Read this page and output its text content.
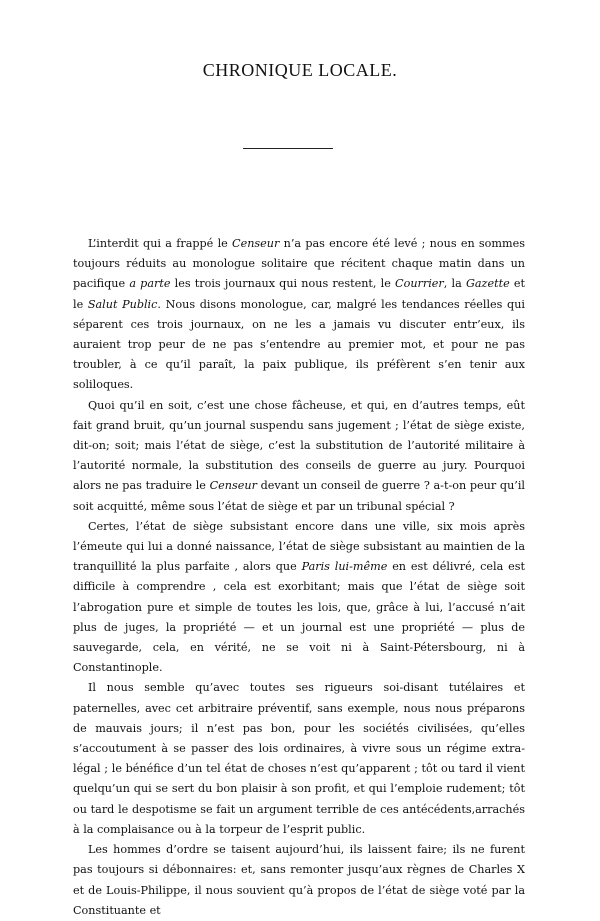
CHRONIQUE LOCALE.

L’interdit qui a frappé le Censeur n’a pas encore été levé ; nous en sommes toujours réduits au monologue solitaire que récitent chaque matin dans un pacifique a parte les trois journaux qui nous restent, le Courrier, la Gazette et le Salut Public. Nous disons monologue, car, malgré les tendances réelles qui séparent ces trois journaux, on ne les a jamais vu discuter entr’eux, ils auraient trop peur de ne pas s’entendre au premier mot, et pour ne pas troubler, à ce qu’il paraît, la paix publique, ils préfèrent s’en tenir aux soliloques.

Quoi qu’il en soit, c’est une chose fâcheuse, et qui, en d’autres temps, eût fait grand bruit, qu’un journal suspendu sans jugement ; l’état de siège existe, dit-on; soit; mais l’état de siège, c’est la substitution de l’autorité militaire à l’autorité normale, la substitution des conseils de guerre au jury. Pourquoi alors ne pas traduire le Censeur devant un conseil de guerre ? a-t-on peur qu’il soit acquitté, même sous l’état de siège et par un tribunal spécial ?

Certes, l’état de siège subsistant encore dans une ville, six mois après l’émeute qui lui a donné naissance, l’état de siège subsistant au maintien de la tranquillité la plus parfaite , alors que Paris lui-même en est délivré, cela est difficile à comprendre , cela est exorbitant; mais que l’état de siège soit l’abrogation pure et simple de toutes les lois, que, grâce à lui, l’accusé n’ait plus de juges, la propriété — et un journal est une propriété — plus de sauvegarde, cela, en vérité, ne se voit ni à Saint-Pétersbourg, ni à Constantinople.

Il nous semble qu’avec toutes ses rigueurs soi-disant tutélaires et paternelles, avec cet arbitraire préventif, sans exemple, nous nous préparons de mauvais jours; il n’est pas bon, pour les sociétés civilisées, qu’elles s’accoutument à se passer des lois ordinaires, à vivre sous un régime extra-légal ; le bénéfice d’un tel état de choses n’est qu’apparent ; tôt ou tard il vient quelqu’un qui se sert du bon plaisir à son profit, et qui l’emploie rudement; tôt ou tard le despotisme se fait un argument terrible de ces antécédents,arrachés à la complaisance ou à la torpeur de l’esprit public.

Les hommes d’ordre se taisent aujourd’hui, ils laissent faire; ils ne furent pas toujours si débonnaires: et, sans remonter jusqu’aux règnes de Charles X et de Louis-Philippe, il nous souvient qu’à propos de l’état de siège voté par la Constituante et
